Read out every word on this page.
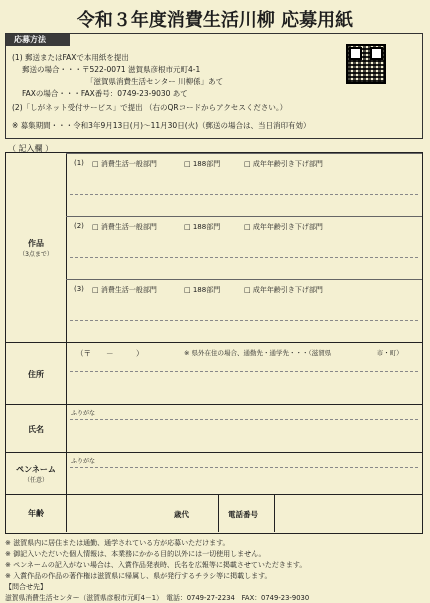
令和３年度消費生活川柳 応募用紙
応募方法
(1) 郵送またはFAXで本用紙を提出
郵送の場合・・・〒522-0071 滋賀県彦根市元町4-1
「滋賀県消費生活センター 川柳係」あて
FAXの場合・・・FAX番号：0749-23-9030 あて
(2)「しがネット受付サービス」で提出 （右のQRコードからアクセスください。）
※ 募集期間・・・令和3年9月13日(月)～11月30日(火)（郵送の場合は、当日消印有効）
（ 記入欄 ）
作品
（3点まで）
(1) □ 消費生活一般部門	□ 188部門	□ 成年年齢引き下げ部門
(2) □ 消費生活一般部門	□ 188部門	□ 成年年齢引き下げ部門
(3) □ 消費生活一般部門	□ 188部門	□ 成年年齢引き下げ部門
住所
（〒　　－　　　）	※ 県外在住の場合、通勤先・通学先・・・（滋賀県　　　　　　　市・町）
氏名
ふりがな
ペンネーム
（任意）
ふりがな
年齢	歳代	電話番号
※ 滋賀県内に居住または通勤、通学されている方が応募いただけます。
※ 御記入いただいた個人情報は、本業務にかかる目的以外には一切使用しません。
※ ペンネームの記入がない場合は、入賞作品発表時、氏名を広報等に掲載させていただきます。
※ 入賞作品の作品の著作権は滋賀県に帰属し、県が発行するチラシ等に掲載します。
【問合せ先】
滋賀県消費生活センター（滋賀県彦根市元町4－1）　電話：0749-27-2234　FAX：0749-23-9030
